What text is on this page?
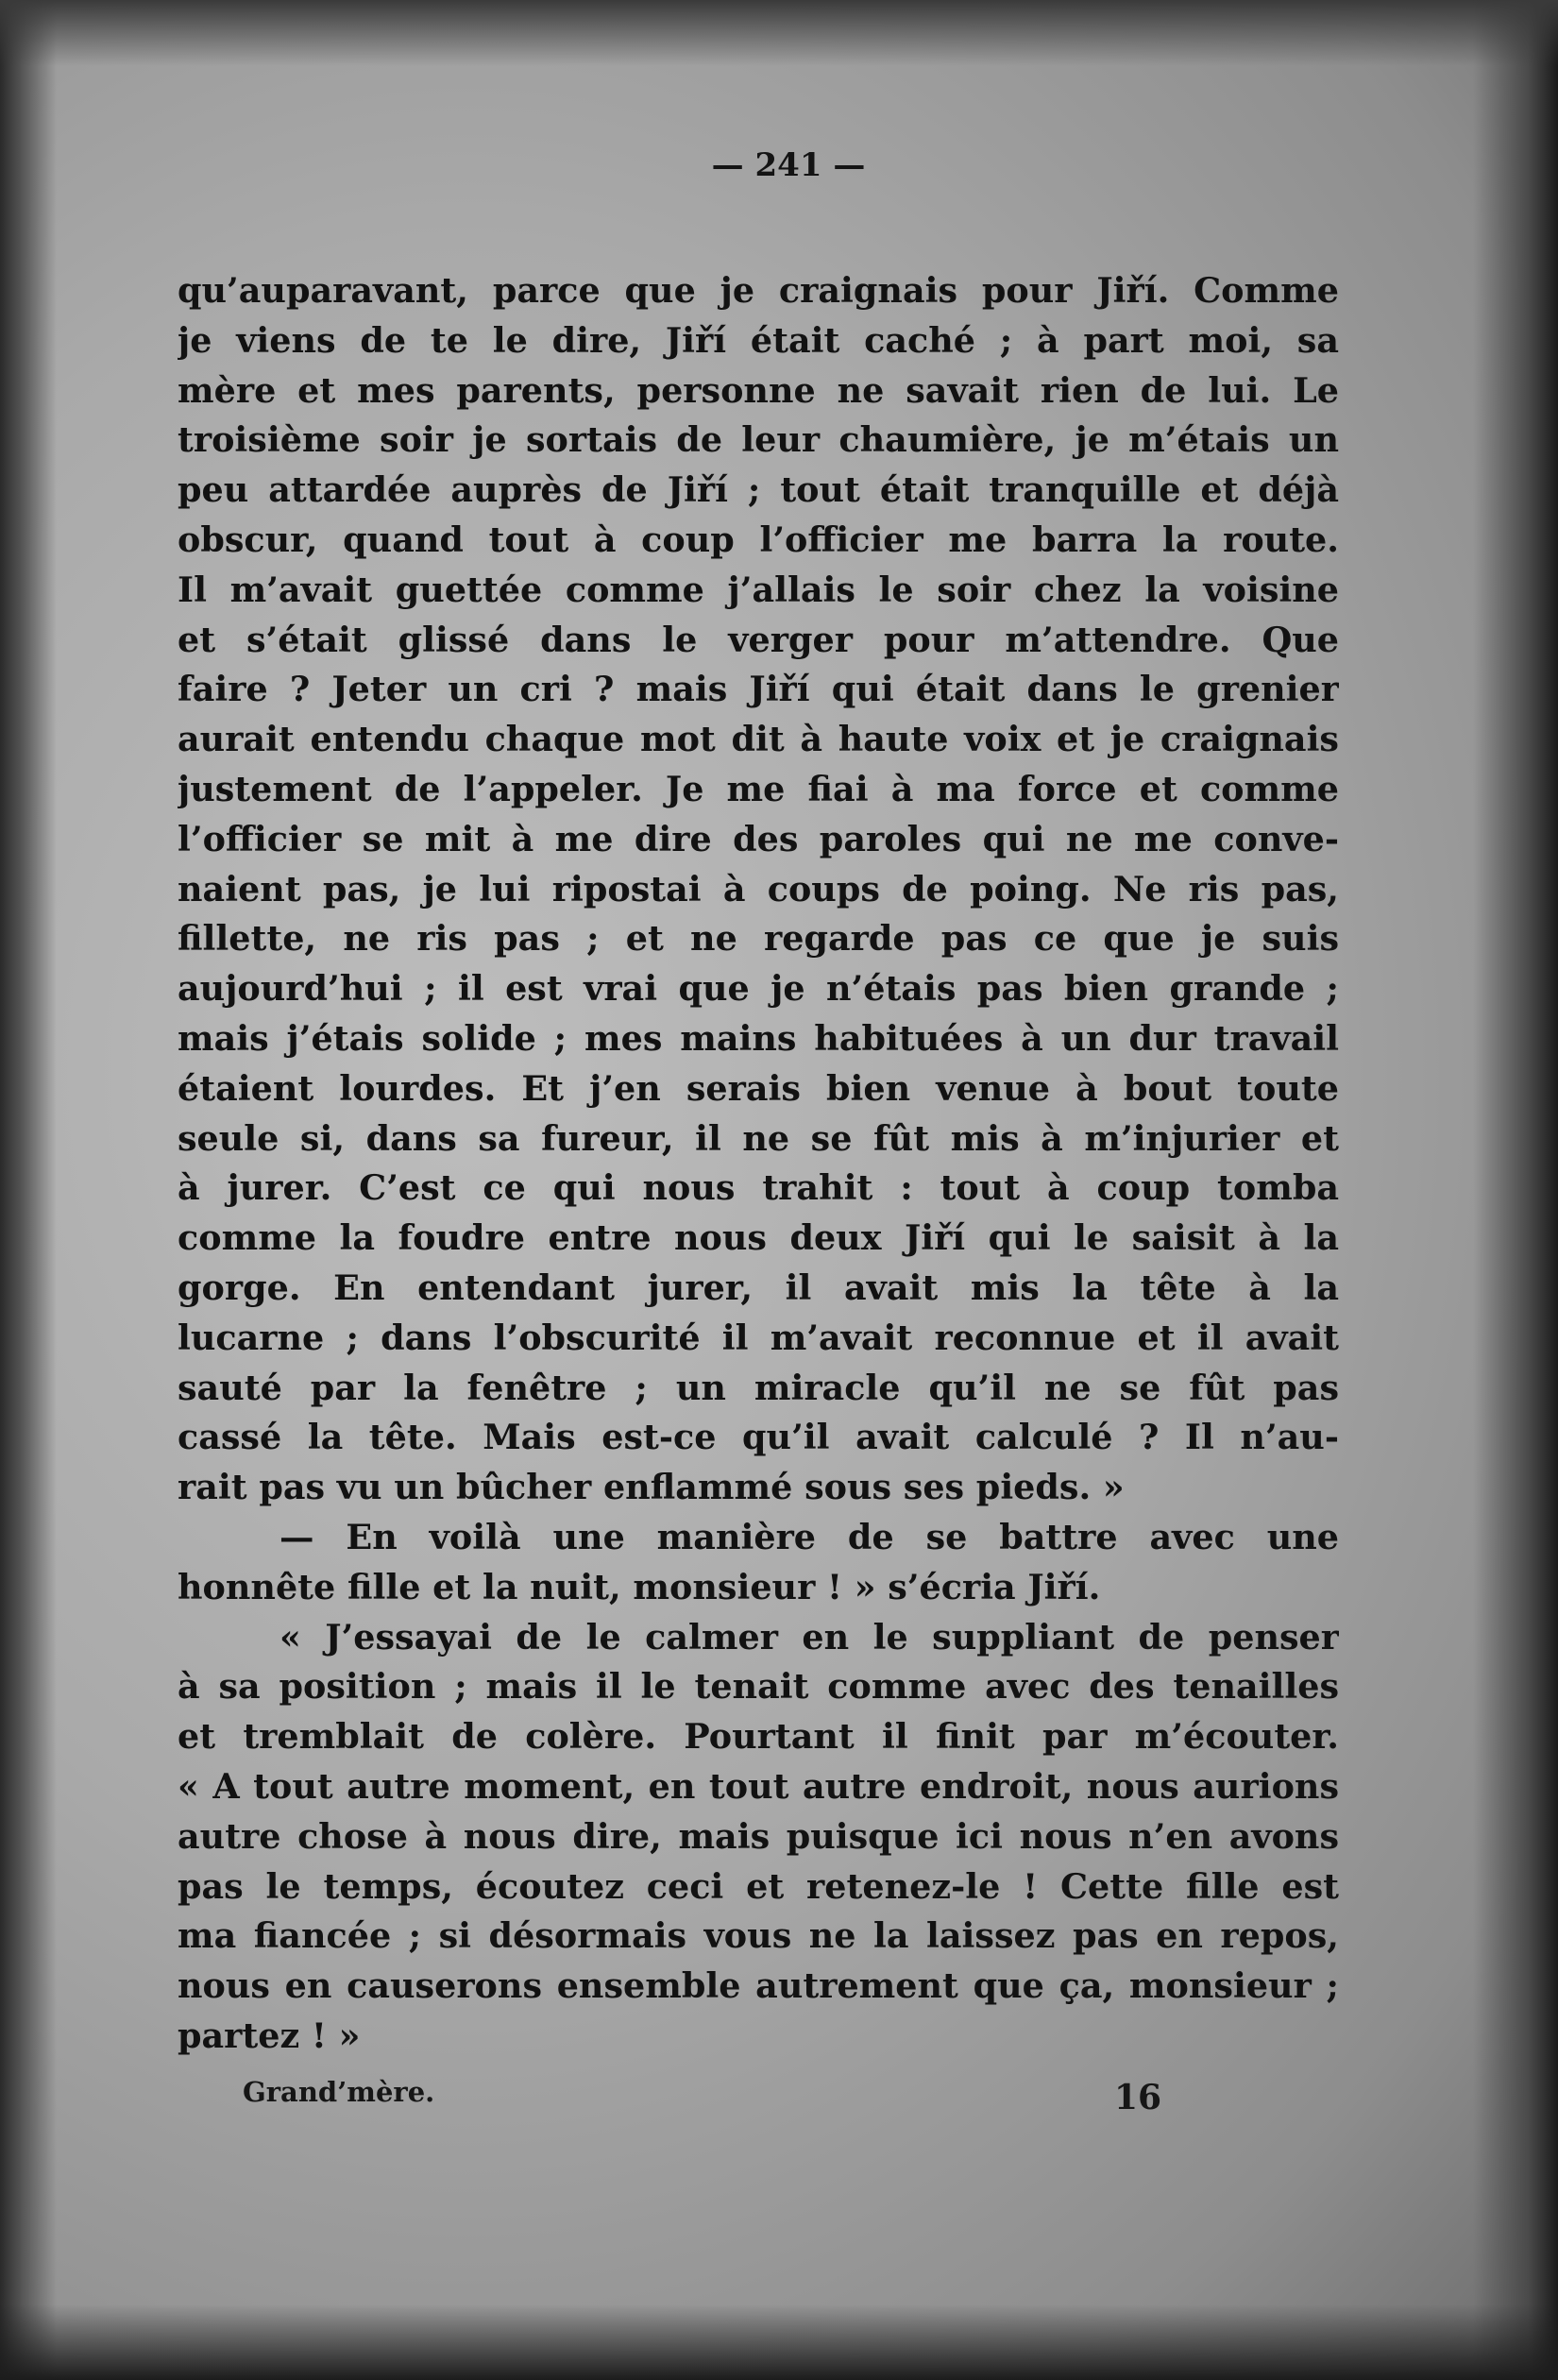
— 241 —
qu’auparavant, parce que je craignais pour Jiří. Comme
je viens de te le dire, Jiří était caché ; à part moi, sa
mère et mes parents, personne ne savait rien de lui. Le
troisième soir je sortais de leur chaumière, je m’étais un
peu attardée auprès de Jiří ; tout était tranquille et déjà
obscur, quand tout à coup l’officier me barra la route.
Il m’avait guettée comme j’allais le soir chez la voisine
et s’était glissé dans le verger pour m’attendre. Que
faire ? Jeter un cri ? mais Jiří qui était dans le grenier
aurait entendu chaque mot dit à haute voix et je craignais
justement de l’appeler. Je me fiai à ma force et comme
l’officier se mit à me dire des paroles qui ne me conve-
naient pas, je lui ripostai à coups de poing. Ne ris pas,
fillette, ne ris pas ; et ne regarde pas ce que je suis
aujourd’hui ; il est vrai que je n’étais pas bien grande ;
mais j’étais solide ; mes mains habituées à un dur travail
étaient lourdes. Et j’en serais bien venue à bout toute
seule si, dans sa fureur, il ne se fût mis à m’injurier et
à jurer. C’est ce qui nous trahit : tout à coup tomba
comme la foudre entre nous deux Jiří qui le saisit à la
gorge. En entendant jurer, il avait mis la tête à la
lucarne ; dans l’obscurité il m’avait reconnue et il avait
sauté par la fenêtre ; un miracle qu’il ne se fût pas
cassé la tête. Mais est-ce qu’il avait calculé ? Il n’au-
rait pas vu un bûcher enflammé sous ses pieds. »
— En voilà une manière de se battre avec une
honnête fille et la nuit, monsieur ! » s’écria Jiří.
« J’essayai de le calmer en le suppliant de penser
à sa position ; mais il le tenait comme avec des tenailles
et tremblait de colère. Pourtant il finit par m’écouter.
« A tout autre moment, en tout autre endroit, nous aurions
autre chose à nous dire, mais puisque ici nous n’en avons
pas le temps, écoutez ceci et retenez-le ! Cette fille est
ma fiancée ; si désormais vous ne la laissez pas en repos,
nous en causerons ensemble autrement que ça, monsieur ;
partez ! »
Grand’mère.	16
